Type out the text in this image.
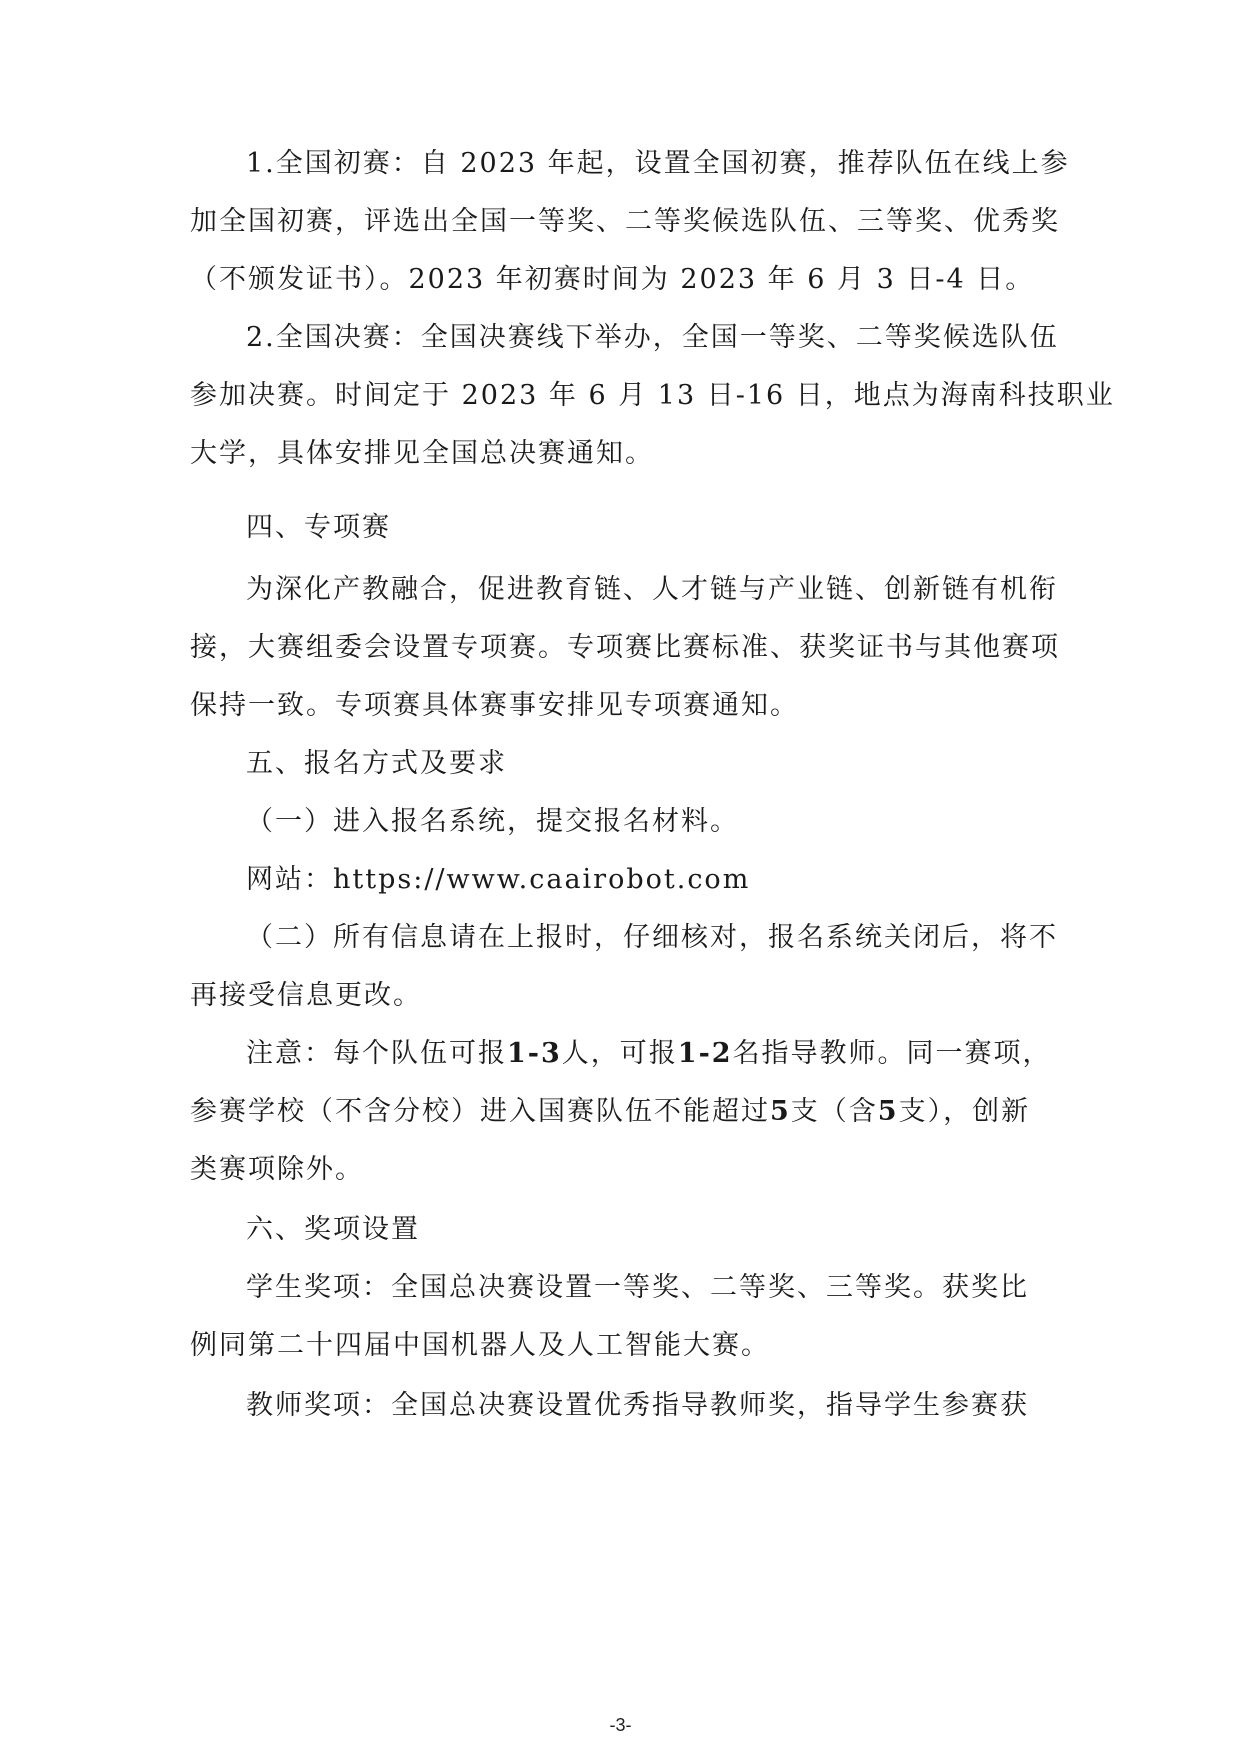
1.全国初赛：自 2023 年起，设置全国初赛，推荐队伍在线上参

加全国初赛，评选出全国一等奖、二等奖候选队伍、三等奖、优秀奖

（不颁发证书）。2023 年初赛时间为 2023 年 6 月 3 日-4 日。

2.全国决赛：全国决赛线下举办，全国一等奖、二等奖候选队伍

参加决赛。时间定于 2023 年 6 月 13 日-16 日，地点为海南科技职业

大学，具体安排见全国总决赛通知。

四、专项赛

为深化产教融合，促进教育链、人才链与产业链、创新链有机衔

接，大赛组委会设置专项赛。专项赛比赛标准、获奖证书与其他赛项

保持一致。专项赛具体赛事安排见专项赛通知。

五、报名方式及要求

（一）进入报名系统，提交报名材料。

网站：https://www.caairobot.com

（二）所有信息请在上报时，仔细核对，报名系统关闭后，将不

再接受信息更改。

注意：每个队伍可报1-3人，可报1-2名指导教师。同一赛项，

参赛学校（不含分校）进入国赛队伍不能超过5支（含5支），创新

类赛项除外。

六、奖项设置

学生奖项：全国总决赛设置一等奖、二等奖、三等奖。获奖比

例同第二十四届中国机器人及人工智能大赛。

教师奖项：全国总决赛设置优秀指导教师奖，指导学生参赛获

-3-
